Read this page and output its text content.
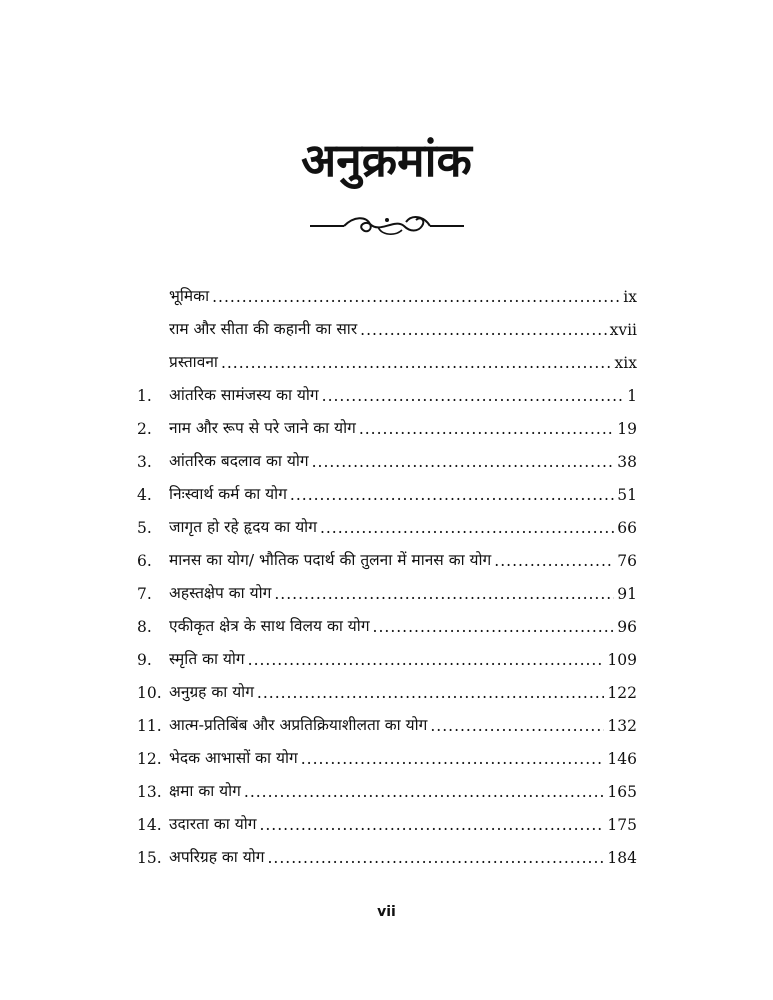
अनुक्रमांक
भूमिका .....	ix
राम और सीता की कहानी का सार .....	xvii
प्रस्तावना .....	xix
1.	आंतरिक सामंजस्य का योग .....	1
2.	नाम और रूप से परे जाने का योग .....	19
3.	आंतरिक बदलाव का योग .....	38
4.	निःस्वार्थ कर्म का योग .....	51
5.	जागृत हो रहे हृदय का योग .....	66
6.	मानस का योग/ भौतिक पदार्थ की तुलना में मानस का योग .....	76
7.	अहस्तक्षेप का योग .....	91
8.	एकीकृत क्षेत्र के साथ विलय का योग .....	96
9.	स्मृति का योग .....	109
10. अनुग्रह का योग .....	122
11. आत्म-प्रतिबिंब और अप्रतिक्रियाशीलता का योग .....	132
12. भेदक आभासों का योग .....	146
13. क्षमा का योग .....	165
14. उदारता का योग .....	175
15. अपरिग्रह का योग .....	184
vii
